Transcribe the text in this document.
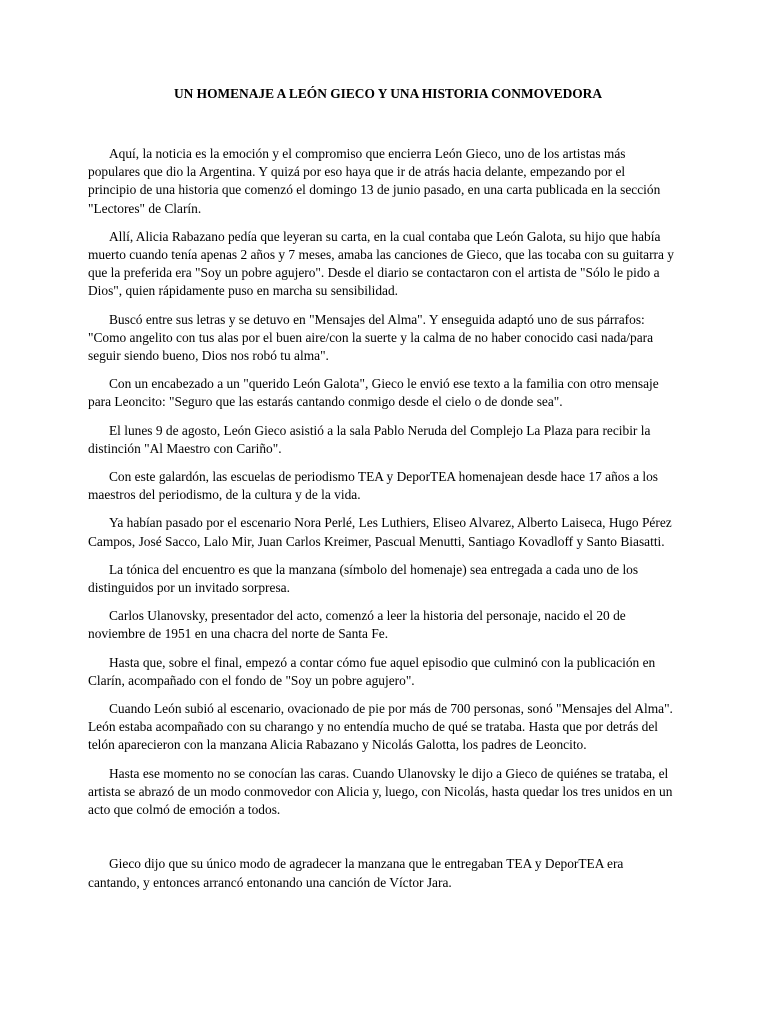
UN HOMENAJE A LEÓN GIECO Y UNA HISTORIA CONMOVEDORA

Aquí, la noticia es la emoción y el compromiso que encierra León Gieco, uno de los artistas más populares que dio la Argentina. Y quizá por eso haya que ir de atrás hacia delante, empezando por el principio de una historia que comenzó el domingo 13 de junio pasado, en una carta publicada en la sección "Lectores" de Clarín.

Allí, Alicia Rabazano pedía que leyeran su carta, en la cual contaba que León Galota, su hijo que había muerto cuando tenía apenas 2 años y 7 meses, amaba las canciones de Gieco, que las tocaba con su guitarra y que la preferida era "Soy un pobre agujero". Desde el diario se contactaron con el artista de "Sólo le pido a Dios", quien rápidamente puso en marcha su sensibilidad.

Buscó entre sus letras y se detuvo en "Mensajes del Alma". Y enseguida adaptó uno de sus párrafos: "Como angelito con tus alas por el buen aire/con la suerte y la calma de no haber conocido casi nada/para seguir siendo bueno, Dios nos robó tu alma".

Con un encabezado a un "querido León Galota", Gieco le envió ese texto a la familia con otro mensaje para Leoncito: "Seguro que las estarás cantando conmigo desde el cielo o de donde sea".

El lunes 9 de agosto, León Gieco asistió a la sala Pablo Neruda del Complejo La Plaza para recibir la distinción "Al Maestro con Cariño".

Con este galardón, las escuelas de periodismo TEA y DeporTEA homenajean desde hace 17 años a los maestros del periodismo, de la cultura y de la vida.

Ya habían pasado por el escenario Nora Perlé, Les Luthiers, Eliseo Alvarez, Alberto Laiseca, Hugo Pérez Campos, José Sacco, Lalo Mir, Juan Carlos Kreimer, Pascual Menutti, Santiago Kovadloff y Santo Biasatti.

La tónica del encuentro es que la manzana (símbolo del homenaje) sea entregada a cada uno de los distinguidos por un invitado sorpresa.

Carlos Ulanovsky, presentador del acto, comenzó a leer la historia del personaje, nacido el 20 de noviembre de 1951 en una chacra del norte de Santa Fe.

Hasta que, sobre el final, empezó a contar cómo fue aquel episodio que culminó con la publicación en Clarín, acompañado con el fondo de "Soy un pobre agujero".

Cuando León subió al escenario, ovacionado de pie por más de 700 personas, sonó "Mensajes del Alma". León estaba acompañado con su charango y no entendía mucho de qué se trataba. Hasta que por detrás del telón aparecieron con la manzana Alicia Rabazano y Nicolás Galotta, los padres de Leoncito.

Hasta ese momento no se conocían las caras. Cuando Ulanovsky le dijo a Gieco de quiénes se trataba, el artista se abrazó de un modo conmovedor con Alicia y, luego, con Nicolás, hasta quedar los tres unidos en un acto que colmó de emoción a todos.

Gieco dijo que su único modo de agradecer la manzana que le entregaban TEA y DeporTEA era cantando, y entonces arrancó entonando una canción de Víctor Jara.
